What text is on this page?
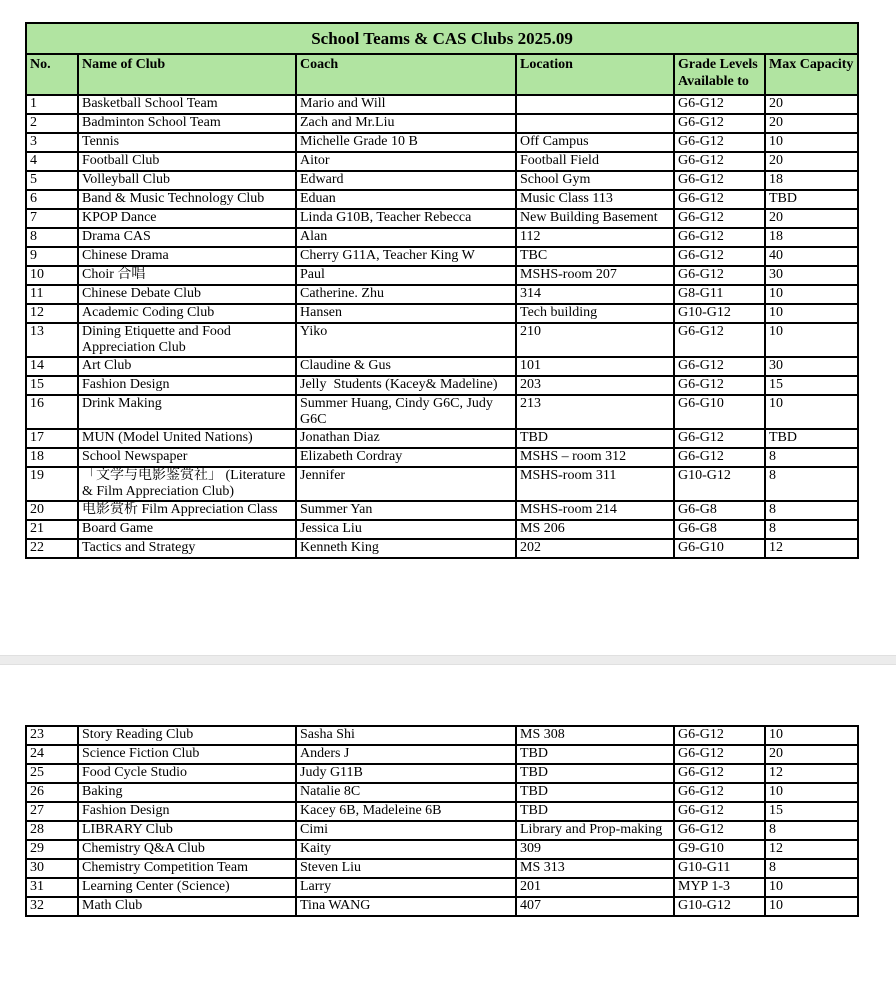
School Teams & CAS Clubs 2025.09					
No.	Name of Club	Coach	Location	Grade Levels Available to	Max Capacity
1	Basketball School Team	Mario and Will		G6-G12	20
2	Badminton School Team	Zach and Mr.Liu		G6-G12	20
3	Tennis	Michelle Grade 10 B	Off Campus	G6-G12	10
4	Football Club	Aitor	Football Field	G6-G12	20
5	Volleyball Club	Edward	School Gym	G6-G12	18
6	Band & Music Technology Club	Eduan	Music Class 113	G6-G12	TBD
7	KPOP Dance	Linda G10B, Teacher Rebecca	New Building Basement	G6-G12	20
8	Drama CAS	Alan	112	G6-G12	18
9	Chinese Drama	Cherry G11A, Teacher King W	TBC	G6-G12	40
10	Choir 合唱	Paul	MSHS-room 207	G6-G12	30
11	Chinese Debate Club	Catherine. Zhu	314	G8-G11	10
12	Academic Coding Club	Hansen	Tech building	G10-G12	10
13	Dining Etiquette and Food Appreciation Club	Yiko	210	G6-G12	10
14	Art Club	Claudine & Gus	101	G6-G12	30
15	Fashion Design	Jelly  Students (Kacey& Madeline)	203	G6-G12	15
16	Drink Making	Summer Huang, Cindy G6C, Judy G6C	213	G6-G10	10
17	MUN (Model United Nations)	Jonathan Diaz	TBD	G6-G12	TBD
18	School Newspaper	Elizabeth Cordray	MSHS – room 312	G6-G12	8
19	「文学与电影鉴赏社」 (Literature & Film Appreciation Club)	Jennifer	MSHS-room 311	G10-G12	8
20	电影赏析 Film Appreciation Class	Summer Yan	MSHS-room 214	G6-G8	8
21	Board Game	Jessica Liu	MS 206	G6-G8	8
22	Tactics and Strategy	Kenneth King	202	G6-G10	12
23	Story Reading Club	Sasha Shi	MS 308	G6-G12	10
24	Science Fiction Club	Anders J	TBD	G6-G12	20
25	Food Cycle Studio	Judy G11B	TBD	G6-G12	12
26	Baking	Natalie 8C	TBD	G6-G12	10
27	Fashion Design	Kacey 6B, Madeleine 6B	TBD	G6-G12	15
28	LIBRARY Club	Cimi	Library and Prop-making	G6-G12	8
29	Chemistry Q&A Club	Kaity	309	G9-G10	12
30	Chemistry Competition Team	Steven Liu	MS 313	G10-G11	8
31	Learning Center (Science)	Larry	201	MYP 1-3	10
32	Math Club	Tina WANG	407	G10-G12	10
